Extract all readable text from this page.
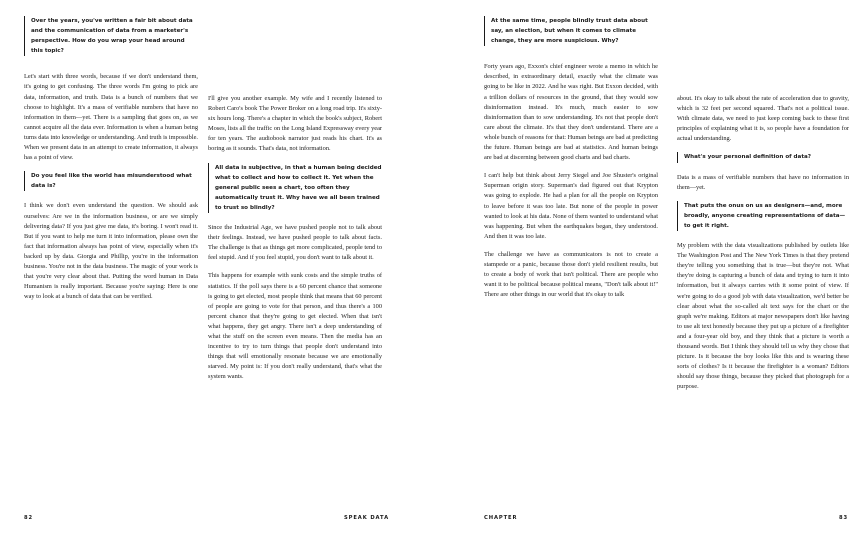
Over the years, you've written a fair bit about data and the communication of data from a marketer's perspective. How do you wrap your head around this topic?

Let's start with three words, because if we don't understand them, it's going to get confusing. The three words I'm going to pick are data, information, and truth. Data is a bunch of numbers that we choose to highlight. It's a mass of verifiable numbers that have no information in them—yet. There is a sampling that goes on, as we cannot acquire all the data ever. Information is when a human being turns data into knowledge or understanding. And truth is impossible. When we present data in an attempt to create information, it always has a point of view.

Do you feel like the world has misunderstood what data is?

I think we don't even understand the question. We should ask ourselves: Are we in the information business, or are we simply delivering data? If you just give me data, it's boring. I won't read it. But if you want to help me turn it into information, please own the fact that information always has point of view, especially when it's backed up by data. Giorgia and Phillip, you're in the information business. You're not in the data business. The magic of your work is that you're very clear about that. Putting the word human in Data Humanism is really important. Because you're saying: Here is one way to look at a bunch of data that can be verified.

I'll give you another example. My wife and I recently listened to Robert Caro's book The Power Broker on a long road trip. It's sixty-six hours long. There's a chapter in which the book's subject, Robert Moses, lists all the traffic on the Long Island Expressway every year for ten years. The audiobook narrator just reads his chart. It's as boring as it sounds. That's data, not information.

All data is subjective, in that a human being decided what to collect and how to collect it. Yet when the general public sees a chart, too often they automatically trust it. Why have we all been trained to trust so blindly?

Since the Industrial Age, we have pushed people not to talk about their feelings. Instead, we have pushed people to talk about facts. The challenge is that as things get more complicated, people tend to feel stupid. And if you feel stupid, you don't want to talk about it.

This happens for example with sunk costs and the simple truths of statistics. If the poll says there is a 60 percent chance that someone is going to get elected, most people think that means that 60 percent of people are going to vote for that person, and thus there's a 100 percent chance that they're going to get elected. When that isn't what happens, they get angry. There isn't a deep understanding of what the stuff on the screen even means. Then the media has an incentive to try to turn things that people don't understand into things that will emotionally resonate because we are emotionally starved. My point is: If you don't really understand, that's what the system wants.

82	SPEAK DATA
At the same time, people blindly trust data about say, an election, but when it comes to climate change, they are more suspicious. Why?

Forty years ago, Exxon's chief engineer wrote a memo in which he described, in extraordinary detail, exactly what the climate was going to be like in 2022. And he was right. But Exxon decided, with a trillion dollars of resources in the ground, that they would sow disinformation instead. It's much, much easier to sow disinformation than to sow understanding. It's not that people don't care about the climate. It's that they don't understand. There are a whole bunch of reasons for that: Human beings are bad at predicting the future. Human beings are bad at statistics. And human beings are bad at discerning between good charts and bad charts.

I can't help but think about Jerry Siegel and Joe Shuster's original Superman origin story. Superman's dad figured out that Krypton was going to explode. He had a plan for all the people on Krypton to leave before it was too late. But none of the people in power wanted to look at his data. None of them wanted to understand what was happening. But when the earthquakes began, they understood. And then it was too late.

The challenge we have as communicators is not to create a stampede or a panic, because those don't yield resilient results, but to create a body of work that isn't political. There are people who want it to be political because political means, "Don't talk about it!" There are other things in our world that it's okay to talk

about. It's okay to talk about the rate of acceleration due to gravity, which is 32 feet per second squared. That's not a political issue. With climate data, we need to just keep coming back to these first principles of explaining what it is, so people have a foundation for actual understanding.

What's your personal definition of data?

Data is a mass of verifiable numbers that have no information in them—yet.

That puts the onus on us as designers—and, more broadly, anyone creating representations of data—to get it right.

My problem with the data visualizations published by outlets like The Washington Post and The New York Times is that they pretend they're telling you something that is true—but they're not. What they're doing is capturing a bunch of data and trying to turn it into information, but it always carries with it some point of view. If we're going to do a good job with data visualization, we'd better be clear about what the so-called alt text says for the chart or the graph we're making. Editors at major newspapers don't like having to use alt text honestly because they put up a picture of a firefighter and a four-year old boy, and they think that a picture is worth a thousand words. But I think they should tell us why they chose that picture. Is it because the boy looks like this and is wearing these sorts of clothes? Is it because the firefighter is a woman? Editors should say those things, because they picked that photograph for a purpose.

CHAPTER	83
